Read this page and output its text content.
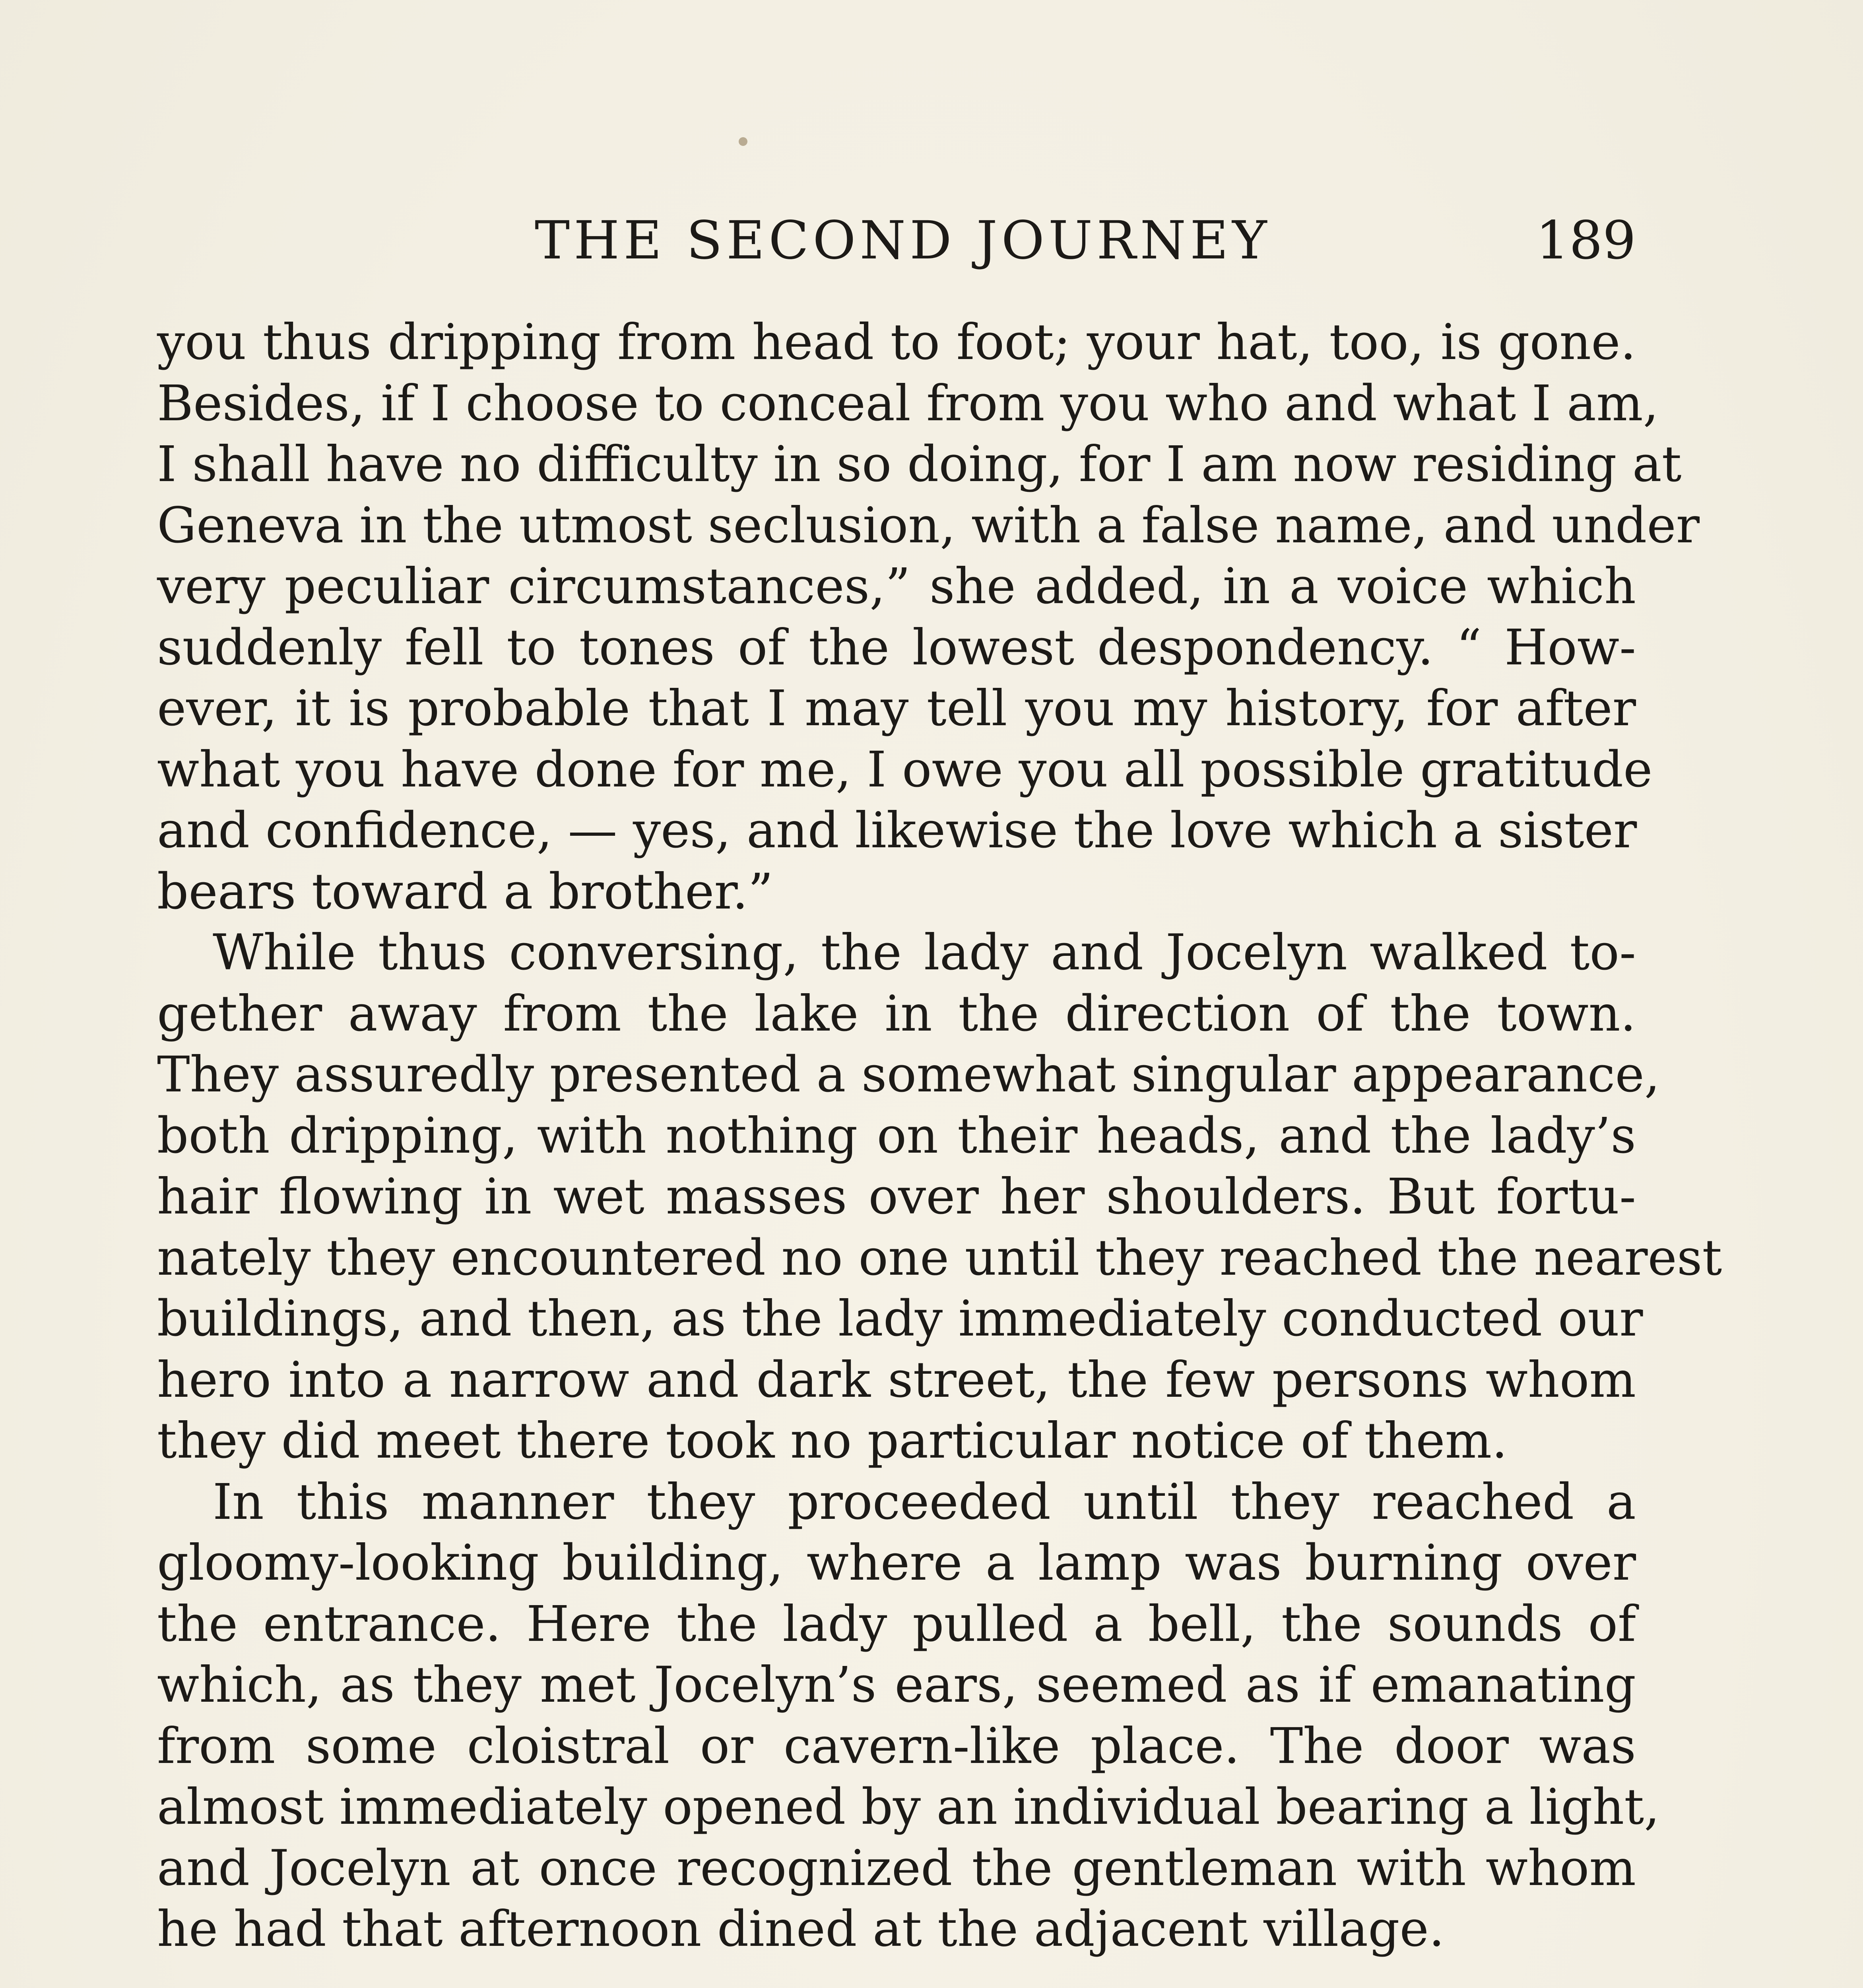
THE SECOND JOURNEY	189
you thus dripping from head to foot; your hat, too, is gone.
Besides, if I choose to conceal from you who and what I am,
I shall have no difficulty in so doing, for I am now residing at
Geneva in the utmost seclusion, with a false name, and under
very peculiar circumstances,” she added, in a voice which
suddenly fell to tones of the lowest despondency. “ How-
ever, it is probable that I may tell you my history, for after
what you have done for me, I owe you all possible gratitude
and confidence, — yes, and likewise the love which a sister
bears toward a brother.”
While thus conversing, the lady and Jocelyn walked to-
gether away from the lake in the direction of the town.
They assuredly presented a somewhat singular appearance,
both dripping, with nothing on their heads, and the lady’s
hair flowing in wet masses over her shoulders. But fortu-
nately they encountered no one until they reached the nearest
buildings, and then, as the lady immediately conducted our
hero into a narrow and dark street, the few persons whom
they did meet there took no particular notice of them.
In this manner they proceeded until they reached a
gloomy-looking building, where a lamp was burning over
the entrance. Here the lady pulled a bell, the sounds of
which, as they met Jocelyn’s ears, seemed as if emanating
from some cloistral or cavern-like place. The door was
almost immediately opened by an individual bearing a light,
and Jocelyn at once recognized the gentleman with whom
he had that afternoon dined at the adjacent village.
